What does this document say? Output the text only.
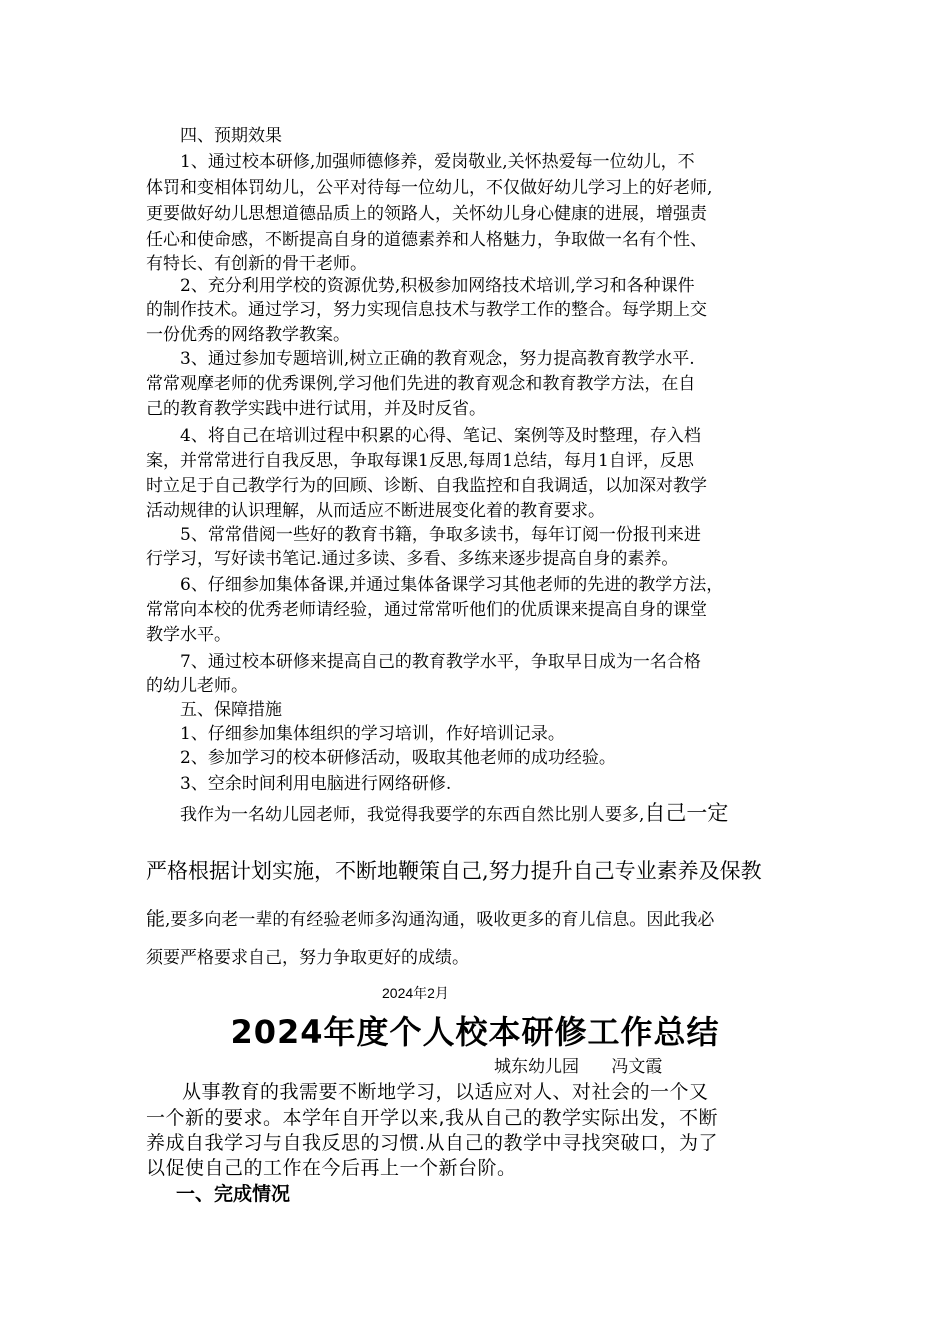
四、预期效果
1、通过校本研修,加强师德修养，爱岗敬业,关怀热爱每一位幼儿，不
体罚和变相体罚幼儿，公平对待每一位幼儿，不仅做好幼儿学习上的好老师,
更要做好幼儿思想道德品质上的领路人，关怀幼儿身心健康的进展，增强责
任心和使命感，不断提高自身的道德素养和人格魅力，争取做一名有个性、
有特长、有创新的骨干老师。
2、充分利用学校的资源优势,积极参加网络技术培训,学习和各种课件
的制作技术。通过学习，努力实现信息技术与教学工作的整合。每学期上交
一份优秀的网络教学教案。
3、通过参加专题培训,树立正确的教育观念，努力提高教育教学水平.
常常观摩老师的优秀课例,学习他们先进的教育观念和教育教学方法，在自
己的教育教学实践中进行试用，并及时反省。
4、将自己在培训过程中积累的心得、笔记、案例等及时整理，存入档
案，并常常进行自我反思，争取每课1反思,每周1总结，每月1自评，反思
时立足于自己教学行为的回顾、诊断、自我监控和自我调适，以加深对教学
活动规律的认识理解，从而适应不断进展变化着的教育要求。
5、常常借阅一些好的教育书籍，争取多读书，每年订阅一份报刊来进
行学习，写好读书笔记.通过多读、多看、多练来逐步提高自身的素养。
6、仔细参加集体备课,并通过集体备课学习其他老师的先进的教学方法，
常常向本校的优秀老师请经验，通过常常听他们的优质课来提高自身的课堂
教学水平。
7、通过校本研修来提高自己的教育教学水平，争取早日成为一名合格
的幼儿老师。
五、保障措施
1、仔细参加集体组织的学习培训，作好培训记录。
2、参加学习的校本研修活动，吸取其他老师的成功经验。
3、空余时间利用电脑进行网络研修.
我作为一名幼儿园老师，我觉得我要学的东西自然比别人要多,自己一定
严格根据计划实施，不断地鞭策自己,努力提升自己专业素养及保教
能,要多向老一辈的有经验老师多沟通沟通，吸收更多的育儿信息。因此我必
须要严格要求自己，努力争取更好的成绩。
2024年2月
2024年度个人校本研修工作总结
城东幼儿园      冯文霞
从事教育的我需要不断地学习，以适应对人、对社会的一个又
一个新的要求。本学年自开学以来,我从自己的教学实际出发，不断
养成自我学习与自我反思的习惯.从自己的教学中寻找突破口，为了
以促使自己的工作在今后再上一个新台阶。
一、完成情况
